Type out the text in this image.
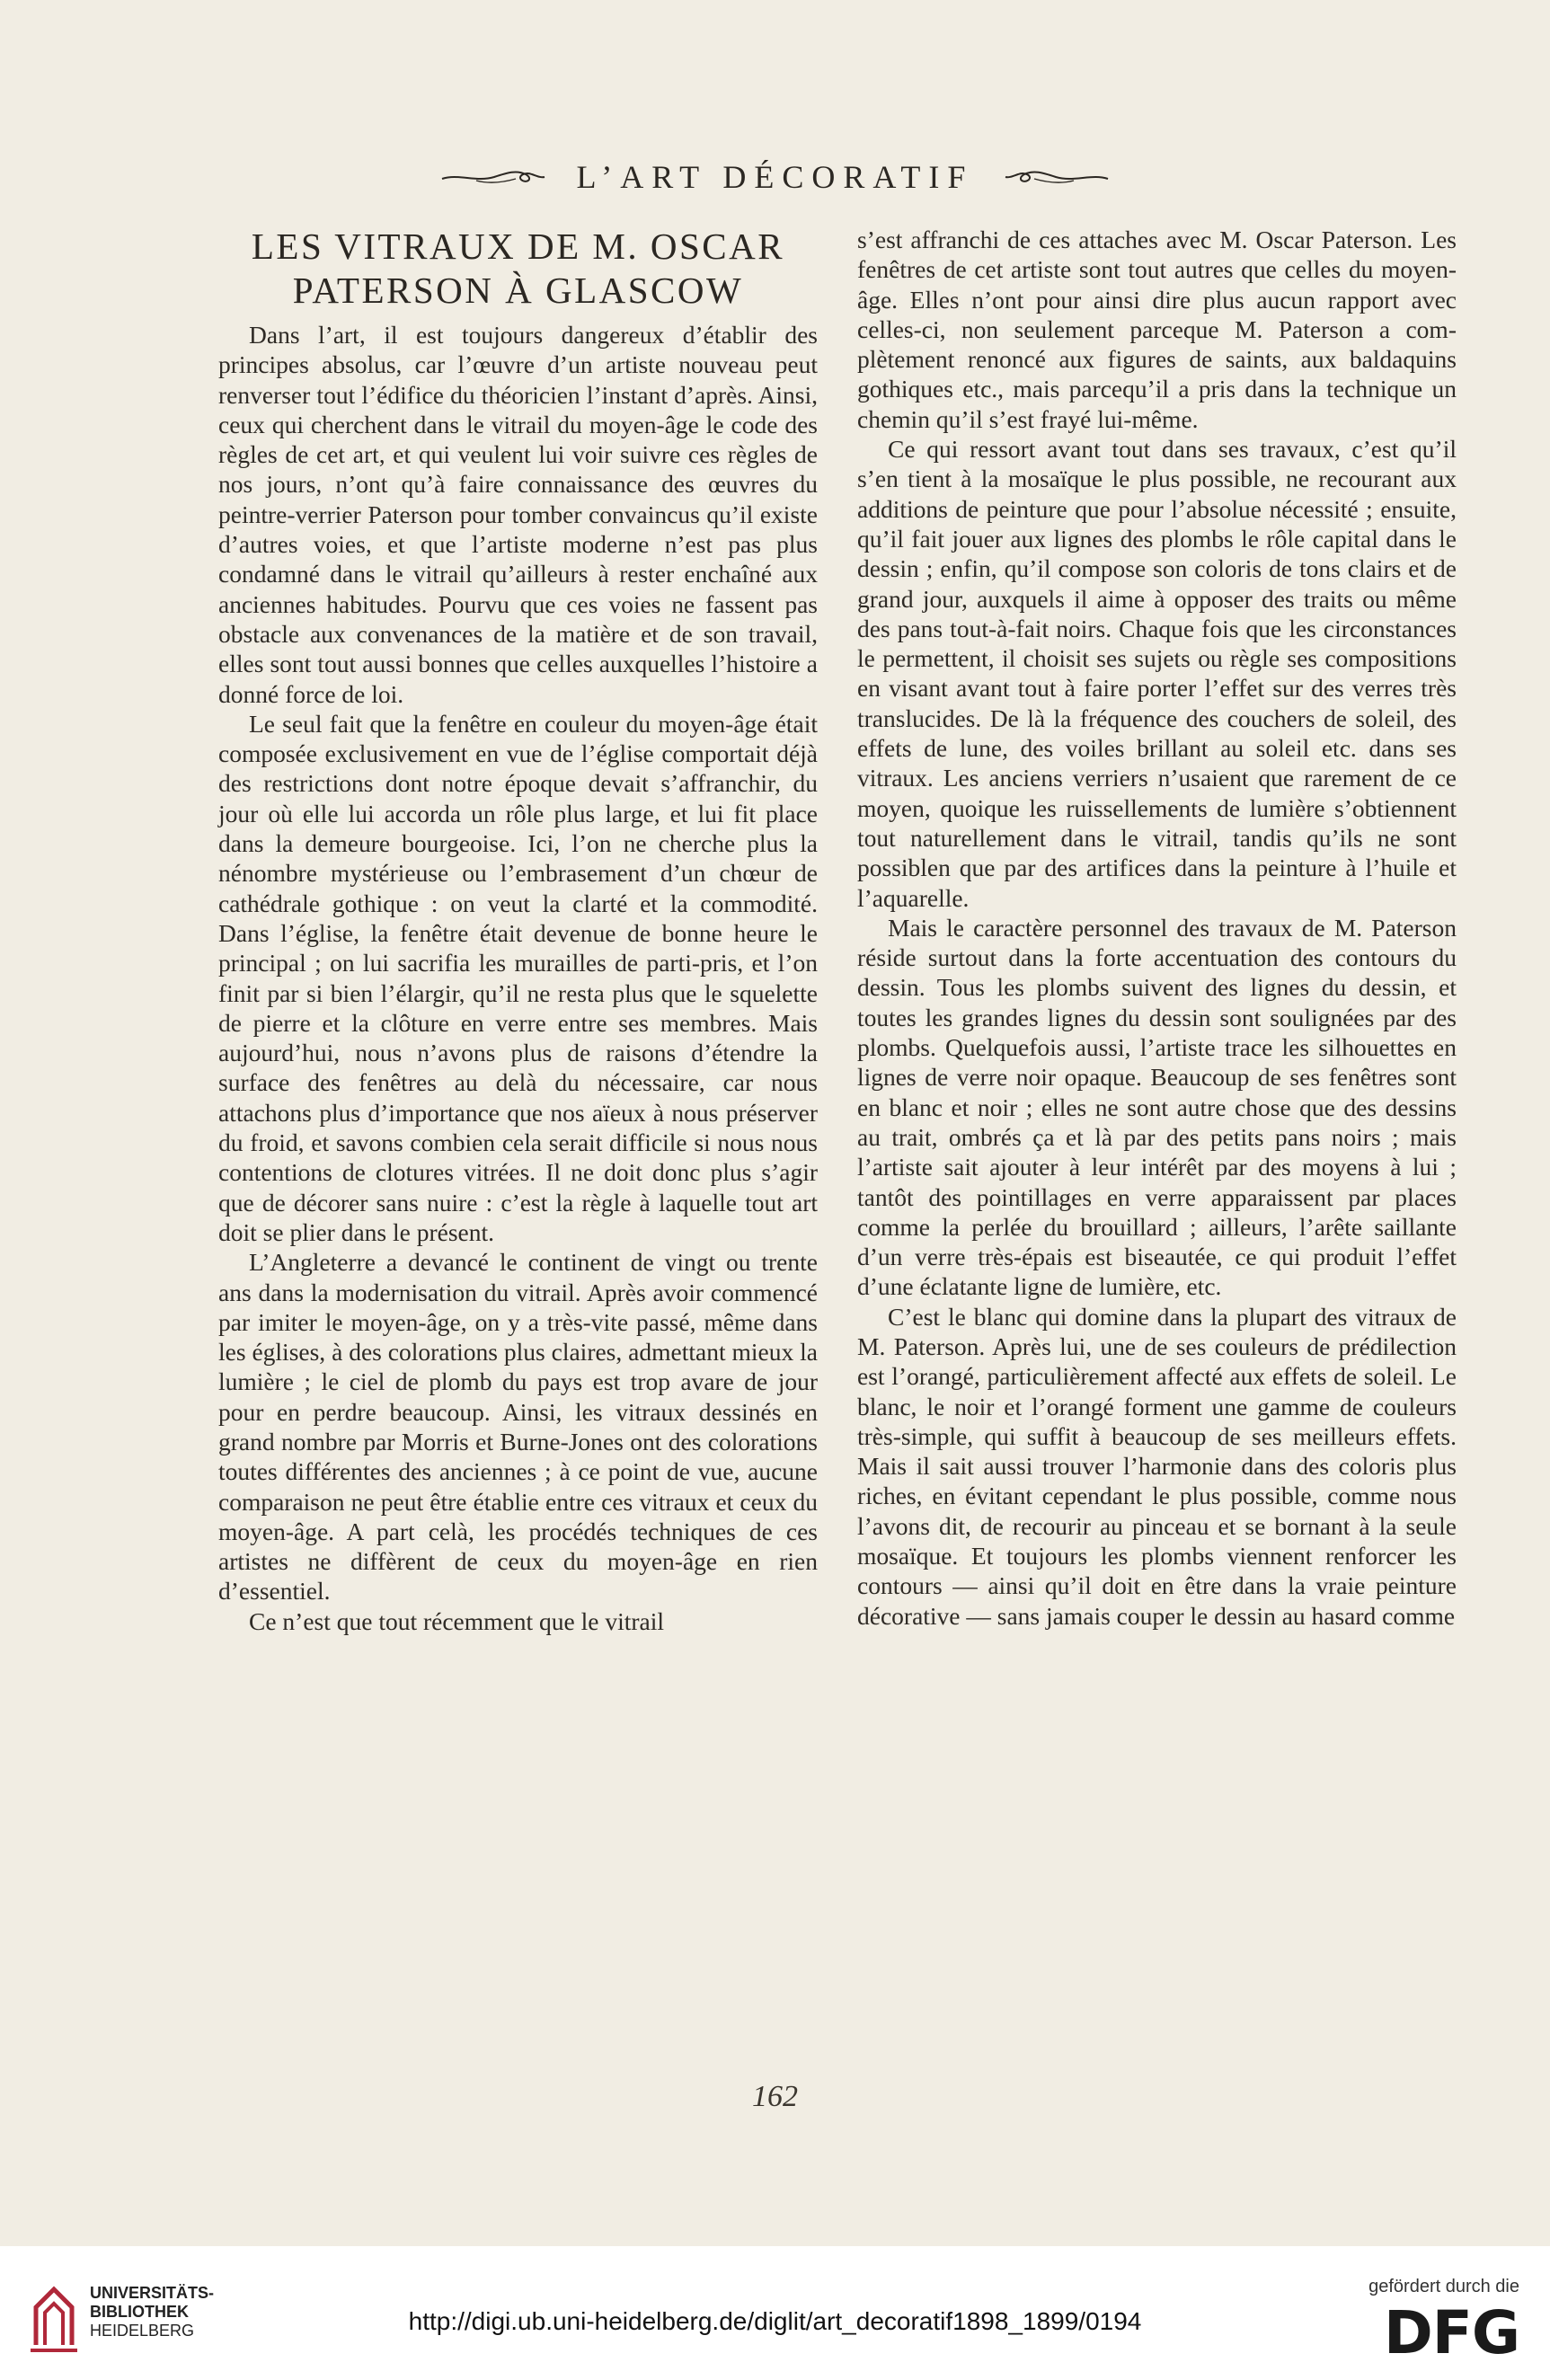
L’ART DÉCORATIF
LES VITRAUX DE M. OSCAR
PATERSON À GLASCOW

Dans l’art, il est toujours dangereux d’établir des principes absolus, car l’œuvre d’un artiste nouveau peut renverser tout l’édifice du théoricien l’instant d’après. Ainsi, ceux qui cherchent dans le vitrail du moyen-âge le code des règles de cet art, et qui veulent lui voir suivre ces règles de nos jours, n’ont qu’à faire connaissance des œuvres du peintre-verrier Paterson pour tomber convaincus qu’il existe d’autres voies, et que l’artiste moderne n’est pas plus condamné dans le vitrail qu’ailleurs à rester enchaîné aux anciennes habitudes. Pourvu que ces voies ne fassent pas obstacle aux convenances de la matière et de son travail, elles sont tout aussi bonnes que celles auxquelles l’histoire a donné force de loi.

Le seul fait que la fenêtre en couleur du moyen-âge était composée exclusivement en vue de l’église comportait déjà des restrictions dont notre époque devait s’affranchir, du jour où elle lui accorda un rôle plus large, et lui fit place dans la demeure bourgeoise. Ici, l’on ne cherche plus la nénombre mystérieuse ou l’embrasement d’un chœur de cathédrale gothique : on veut la clarté et la commodité. Dans l’église, la fenêtre était devenue de bonne heure le principal ; on lui sacrifia les murailles de parti-pris, et l’on finit par si bien l’élargir, qu’il ne resta plus que le squelette de pierre et la clôture en verre entre ses membres. Mais aujourd’hui, nous n’avons plus de raisons d’étendre la surface des fenêtres au delà du nécessaire, car nous attachons plus d’importance que nos aïeux à nous préserver du froid, et savons combien cela serait difficile si nous nous contentions de clotures vitrées. Il ne doit donc plus s’agir que de décorer sans nuire : c’est la règle à laquelle tout art doit se plier dans le présent.

L’Angleterre a devancé le continent de vingt ou trente ans dans la modernisation du vitrail. Après avoir commencé par imiter le moyen-âge, on y a très-vite passé, même dans les églises, à des colorations plus claires, admettant mieux la lumière ; le ciel de plomb du pays est trop avare de jour pour en perdre beaucoup. Ainsi, les vitraux dessinés en grand nombre par Morris et Burne-Jones ont des colorations toutes différentes des anciennes ; à ce point de vue, aucune comparaison ne peut être établie entre ces vitraux et ceux du moyen-âge. A part celà, les procédés techniques de ces artistes ne diffèrent de ceux du moyen-âge en rien d’essentiel.

Ce n’est que tout récemment que le vitrail

s’est affranchi de ces attaches avec M. Oscar Paterson. Les fenêtres de cet artiste sont tout autres que celles du moyen-âge. Elles n’ont pour ainsi dire plus aucun rapport avec celles-ci, non seulement parceque M. Paterson a complètement renoncé aux figures de saints, aux baldaquins gothiques etc., mais parcequ’il a pris dans la technique un chemin qu’il s’est frayé lui-même.

Ce qui ressort avant tout dans ses travaux, c’est qu’il s’en tient à la mosaïque le plus possible, ne recourant aux additions de peinture que pour l’absolue nécessité ; ensuite, qu’il fait jouer aux lignes des plombs le rôle capital dans le dessin ; enfin, qu’il compose son coloris de tons clairs et de grand jour, auxquels il aime à opposer des traits ou même des pans tout-à-fait noirs. Chaque fois que les circonstances le permettent, il choisit ses sujets ou règle ses compositions en visant avant tout à faire porter l’effet sur des verres très translucides. De là la fréquence des couchers de soleil, des effets de lune, des voiles brillant au soleil etc. dans ses vitraux. Les anciens verriers n’usaient que rarement de ce moyen, quoique les ruissellements de lumière s’obtiennent tout naturellement dans le vitrail, tandis qu’ils ne sont possiblen que par des artifices dans la peinture à l’huile et l’aquarelle.

Mais le caractère personnel des travaux de M. Paterson réside surtout dans la forte accentuation des contours du dessin. Tous les plombs suivent des lignes du dessin, et toutes les grandes lignes du dessin sont soulignées par des plombs. Quelquefois aussi, l’artiste trace les silhouettes en lignes de verre noir opaque. Beaucoup de ses fenêtres sont en blanc et noir ; elles ne sont autre chose que des dessins au trait, ombrés ça et là par des petits pans noirs ; mais l’artiste sait ajouter à leur intérêt par des moyens à lui ; tantôt des pointillages en verre apparaissent par places comme la perlée du brouillard ; ailleurs, l’arête saillante d’un verre très-épais est biseautée, ce qui produit l’effet d’une éclatante ligne de lumière, etc.

C’est le blanc qui domine dans la plupart des vitraux de M. Paterson. Après lui, une de ses couleurs de prédilection est l’orangé, particulièrement affecté aux effets de soleil. Le blanc, le noir et l’orangé forment une gamme de couleurs très-simple, qui suffit à beaucoup de ses meilleurs effets. Mais il sait aussi trouver l’harmonie dans des coloris plus riches, en évitant cependant le plus possible, comme nous l’avons dit, de recourir au pinceau et se bornant à la seule mosaïque. Et toujours les plombs viennent renforcer les contours — ainsi qu’il doit en être dans la vraie peinture décorative — sans jamais couper le dessin au hasard comme

162
UNIVERSITÄTS-
BIBLIOTHEK
HEIDELBERG	http://digi.ub.uni-heidelberg.de/diglit/art_decoratif1898_1899/0194
gefördert durch die
DFG
